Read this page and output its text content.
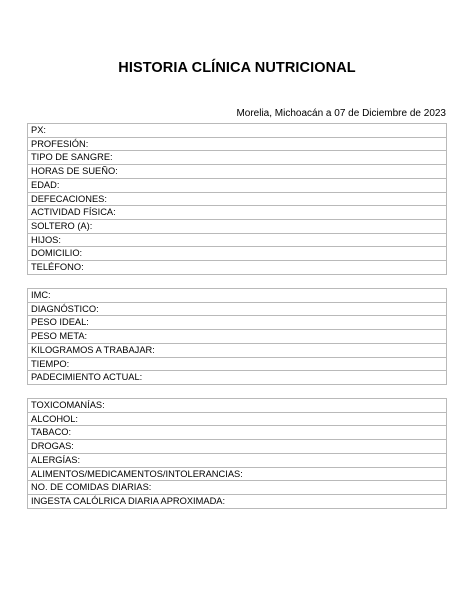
HISTORIA CLÍNICA NUTRICIONAL
Morelia, Michoacán a 07 de Diciembre de 2023
PX:
PROFESIÓN:
TIPO DE SANGRE:
HORAS DE SUEÑO:
EDAD:
DEFECACIONES:
ACTIVIDAD FÍSICA:
SOLTERO (A):
HIJOS:
DOMICILIO:
TELÉFONO:
IMC:
DIAGNÓSTICO:
PESO IDEAL:
PESO META:
KILOGRAMOS A TRABAJAR:
TIEMPO:
PADECIMIENTO ACTUAL:
TOXICOMANÍAS:
ALCOHOL:
TABACO:
DROGAS:
ALERGÍAS:
ALIMENTOS/MEDICAMENTOS/INTOLERANCIAS:
NO. DE COMIDAS DIARIAS:
INGESTA CALÓLRICA DIARIA APROXIMADA:
